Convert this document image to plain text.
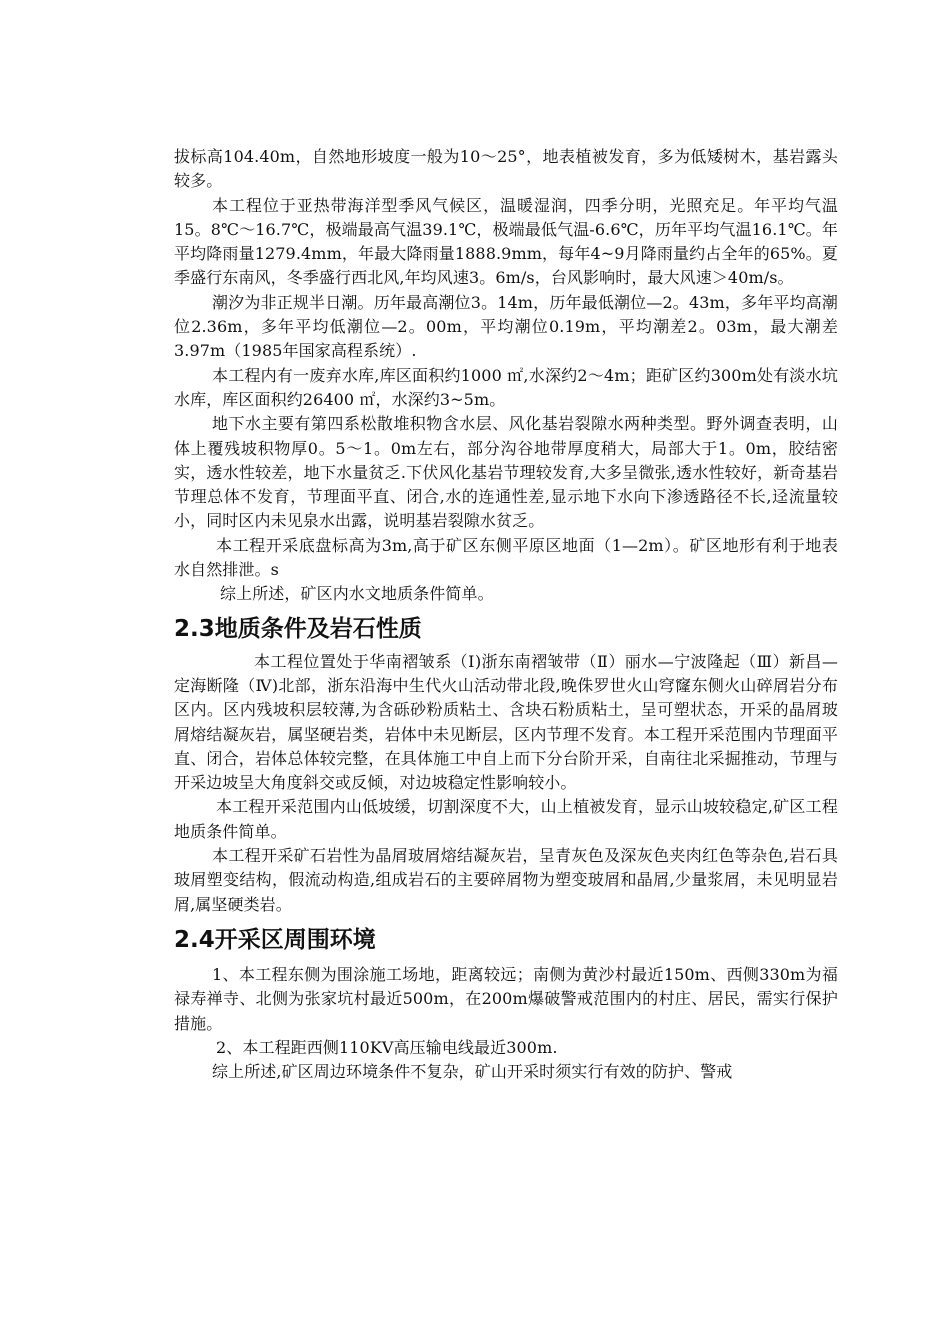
拔标高104.40m，自然地形坡度一般为10～25°，地表植被发育，多为低矮树木，基岩露头较多。

本工程位于亚热带海洋型季风气候区，温暖湿润，四季分明，光照充足。年平均气温15。8℃～16.7℃，极端最高气温39.1℃，极端最低气温-6.6℃，历年平均气温16.1℃。年平均降雨量1279.4mm，年最大降雨量1888.9mm，每年4~9月降雨量约占全年的65%。夏季盛行东南风，冬季盛行西北风,年均风速3。6m/s，台风影响时，最大风速＞40m/s。

潮汐为非正规半日潮。历年最高潮位3。14m，历年最低潮位—2。43m，多年平均高潮位2.36m，多年平均低潮位—2。00m，平均潮位0.19m，平均潮差2。03m，最大潮差3.97m（1985年国家高程系统）.

本工程内有一废弃水库,库区面积约1000 ㎡,水深约2～4m；距矿区约300m处有淡水坑水库，库区面积约26400 ㎡，水深约3~5m。

地下水主要有第四系松散堆积物含水层、风化基岩裂隙水两种类型。野外调查表明，山体上覆残坡积物厚0。5～1。0m左右，部分沟谷地带厚度稍大，局部大于1。0m，胶结密实，透水性较差，地下水量贫乏.下伏风化基岩节理较发育,大多呈微张,透水性较好，新奇基岩节理总体不发育，节理面平直、闭合,水的连通性差,显示地下水向下渗透路径不长,迳流量较小，同时区内未见泉水出露，说明基岩裂隙水贫乏。

本工程开采底盘标高为3m,高于矿区东侧平原区地面（1—2m）。矿区地形有利于地表水自然排泄。s

综上所述，矿区内水文地质条件简单。

2.3地质条件及岩石性质

本工程位置处于华南褶皱系（Ⅰ)浙东南褶皱带（Ⅱ）丽水—宁波隆起（Ⅲ）新昌—定海断隆（Ⅳ)北部，浙东沿海中生代火山活动带北段,晚侏罗世火山穹窿东侧火山碎屑岩分布区内。区内残坡积层较薄,为含砾砂粉质粘土、含块石粉质粘土，呈可塑状态，开采的晶屑玻屑熔结凝灰岩，属坚硬岩类，岩体中未见断层，区内节理不发育。本工程开采范围内节理面平直、闭合，岩体总体较完整，在具体施工中自上而下分台阶开采，自南往北采掘推动，节理与开采边坡呈大角度斜交或反倾，对边坡稳定性影响较小。

本工程开采范围内山低坡缓，切割深度不大，山上植被发育，显示山坡较稳定,矿区工程地质条件简单。

本工程开采矿石岩性为晶屑玻屑熔结凝灰岩，呈青灰色及深灰色夹肉红色等杂色,岩石具玻屑塑变结构，假流动构造,组成岩石的主要碎屑物为塑变玻屑和晶屑,少量浆屑，未见明显岩屑,属坚硬类岩。

2.4开采区周围环境

1、本工程东侧为围涂施工场地，距离较远；南侧为黄沙村最近150m、西侧330m为福禄寿禅寺、北侧为张家坑村最近500m，在200m爆破警戒范围内的村庄、居民，需实行保护措施。

2、本工程距西侧110KV高压输电线最近300m.

综上所述,矿区周边环境条件不复杂，矿山开采时须实行有效的防护、警戒
